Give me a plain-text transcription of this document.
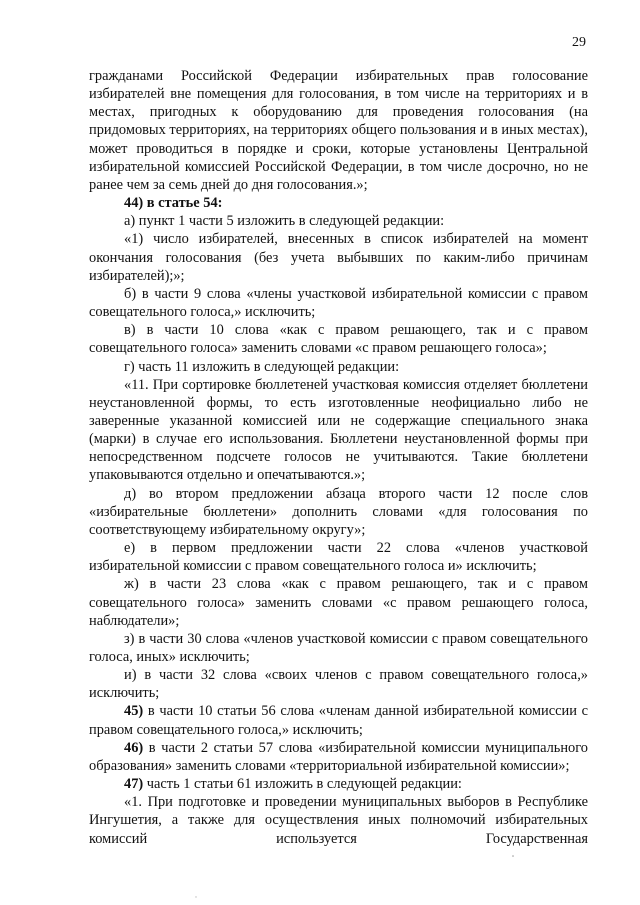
29

гражданами Российской Федерации избирательных прав голосование избирателей вне помещения для голосования, в том числе на территориях и в местах, пригодных к оборудованию для проведения голосования (на придомовых территориях, на территориях общего пользования и в иных местах), может проводиться в порядке и сроки, которые установлены Центральной избирательной комиссией Российской Федерации, в том числе досрочно, но не ранее чем за семь дней до дня голосования.»;

44) в статье 54:

а) пункт 1 части 5 изложить в следующей редакции:

«1) число избирателей, внесенных в список избирателей на момент окончания голосования (без учета выбывших по каким-либо причинам избирателей);»;

б) в части 9 слова «члены участковой избирательной комиссии с правом совещательного голоса,» исключить;

в) в части 10 слова «как с правом решающего, так и с правом совещательного голоса» заменить словами «с правом решающего голоса»;

г) часть 11 изложить в следующей редакции:

«11. При сортировке бюллетеней участковая комиссия отделяет бюллетени неустановленной формы, то есть изготовленные неофициально либо не заверенные указанной комиссией или не содержащие специального знака (марки) в случае его использования. Бюллетени неустановленной формы при непосредственном подсчете голосов не учитываются. Такие бюллетени упаковываются отдельно и опечатываются.»;

д) во втором предложении абзаца второго части 12 после слов «избирательные бюллетени» дополнить словами «для голосования по соответствующему избирательному округу»;

е) в первом предложении части 22 слова «членов участковой избирательной комиссии с правом совещательного голоса и» исключить;

ж) в части 23 слова «как с правом решающего, так и с правом совещательного голоса» заменить словами «с правом решающего голоса, наблюдатели»;

з) в части 30 слова «членов участковой комиссии с правом совещательного голоса, иных» исключить;

и) в части 32 слова «своих членов с правом совещательного голоса,» исключить;

45) в части 10 статьи 56 слова «членам данной избирательной комиссии с правом совещательного голоса,» исключить;

46) в части 2 статьи 57 слова «избирательной комиссии муниципального образования» заменить словами «территориальной избирательной комиссии»;

47) часть 1 статьи 61 изложить в следующей редакции:

«1. При подготовке и проведении муниципальных выборов в Республике Ингушетия, а также для осуществления иных полномочий избирательных комиссий используется Государственная
